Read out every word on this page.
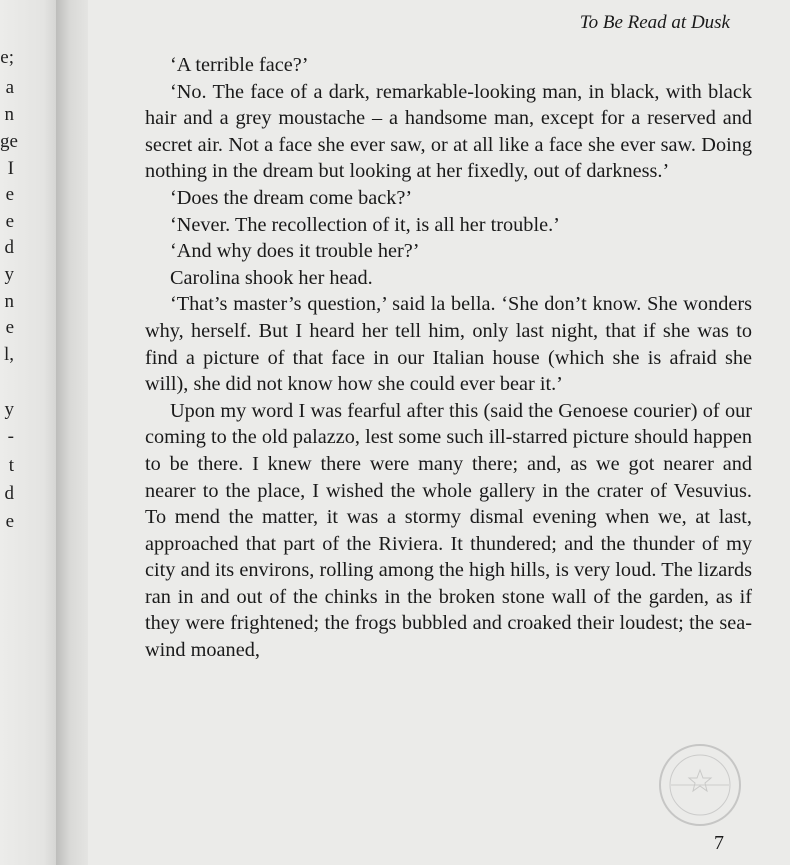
e;
a
n
ge
I
e
e
d
y
n
e
l,
y
-
t
d
e
To Be Read at Dusk

‘A terrible face?’

‘No. The face of a dark, remarkable-looking man, in black, with black hair and a grey moustache – a handsome man, except for a reserved and secret air. Not a face she ever saw, or at all like a face she ever saw. Doing nothing in the dream but looking at her fixedly, out of darkness.’

‘Does the dream come back?’

‘Never. The recollection of it, is all her trouble.’

‘And why does it trouble her?’

Carolina shook her head.

‘That’s master’s question,’ said la bella. ‘She don’t know. She wonders why, herself. But I heard her tell him, only last night, that if she was to find a picture of that face in our Italian house (which she is afraid she will), she did not know how she could ever bear it.’

Upon my word I was fearful after this (said the Genoese courier) of our coming to the old palazzo, lest some such ill-starred picture should happen to be there. I knew there were many there; and, as we got nearer and nearer to the place, I wished the whole gallery in the crater of Vesuvius. To mend the matter, it was a stormy dismal evening when we, at last, approached that part of the Riviera. It thundered; and the thunder of my city and its environs, rolling among the high hills, is very loud. The lizards ran in and out of the chinks in the broken stone wall of the garden, as if they were frightened; the frogs bubbled and croaked their loudest; the sea-wind moaned,

7
